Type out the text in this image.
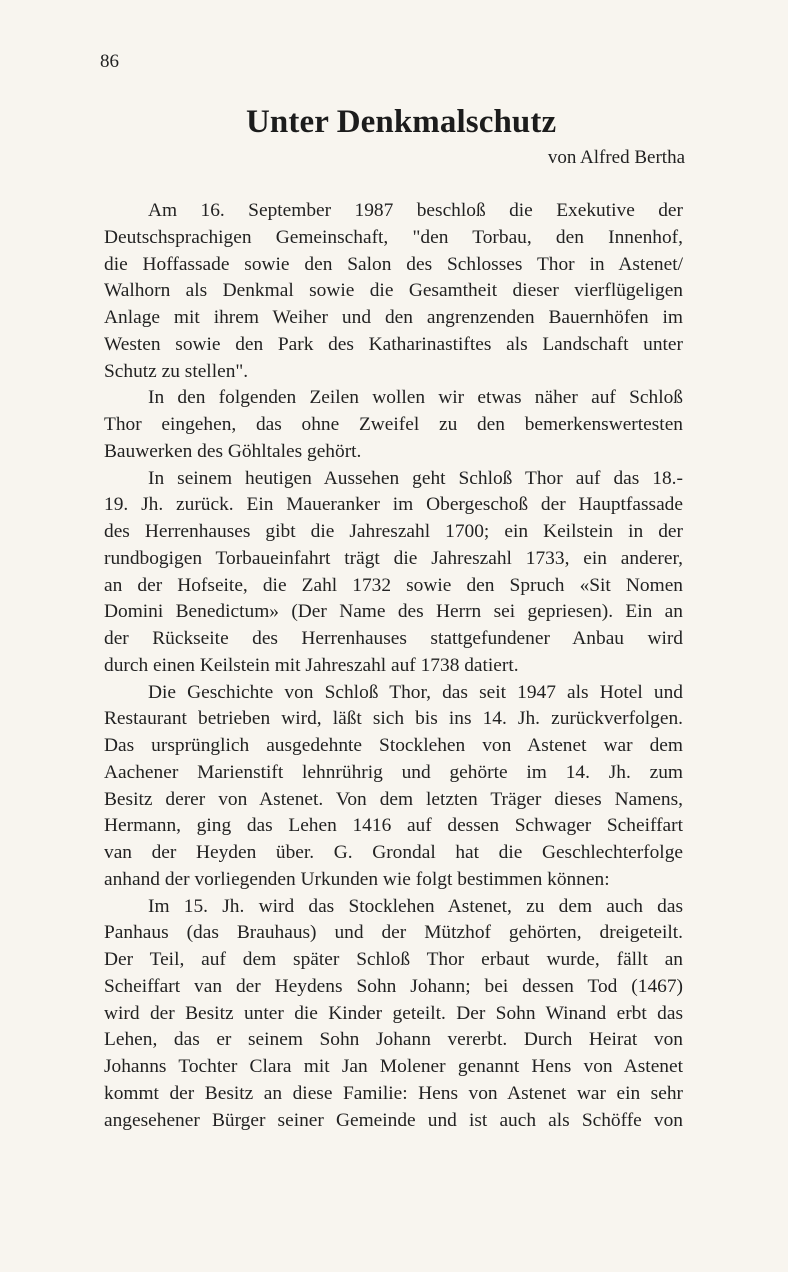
86
Unter Denkmalschutz
von Alfred Bertha
Am 16. September 1987 beschloß die Exekutive der
Deutschsprachigen Gemeinschaft, "den Torbau, den Innenhof,
die Hoffassade sowie den Salon des Schlosses Thor in Astenet/
Walhorn als Denkmal sowie die Gesamtheit dieser vierflügeligen
Anlage mit ihrem Weiher und den angrenzenden Bauernhöfen im
Westen sowie den Park des Katharinastiftes als Landschaft unter
Schutz zu stellen".
In den folgenden Zeilen wollen wir etwas näher auf Schloß
Thor eingehen, das ohne Zweifel zu den bemerkenswertesten
Bauwerken des Göhltales gehört.
In seinem heutigen Aussehen geht Schloß Thor auf das 18.-
19. Jh. zurück. Ein Maueranker im Obergeschoß der Hauptfassade
des Herrenhauses gibt die Jahreszahl 1700; ein Keilstein in der
rundbogigen Torbaueinfahrt trägt die Jahreszahl 1733, ein anderer,
an der Hofseite, die Zahl 1732 sowie den Spruch «Sit Nomen
Domini Benedictum» (Der Name des Herrn sei gepriesen). Ein an
der Rückseite des Herrenhauses stattgefundener Anbau wird
durch einen Keilstein mit Jahreszahl auf 1738 datiert.
Die Geschichte von Schloß Thor, das seit 1947 als Hotel und
Restaurant betrieben wird, läßt sich bis ins 14. Jh. zurückverfolgen.
Das ursprünglich ausgedehnte Stocklehen von Astenet war dem
Aachener Marienstift lehnrührig und gehörte im 14. Jh. zum
Besitz derer von Astenet. Von dem letzten Träger dieses Namens,
Hermann, ging das Lehen 1416 auf dessen Schwager Scheiffart
van der Heyden über. G. Grondal hat die Geschlechterfolge
anhand der vorliegenden Urkunden wie folgt bestimmen können:
Im 15. Jh. wird das Stocklehen Astenet, zu dem auch das
Panhaus (das Brauhaus) und der Mützhof gehörten, dreigeteilt.
Der Teil, auf dem später Schloß Thor erbaut wurde, fällt an
Scheiffart van der Heydens Sohn Johann; bei dessen Tod (1467)
wird der Besitz unter die Kinder geteilt. Der Sohn Winand erbt das
Lehen, das er seinem Sohn Johann vererbt. Durch Heirat von
Johanns Tochter Clara mit Jan Molener genannt Hens von Astenet
kommt der Besitz an diese Familie: Hens von Astenet war ein sehr
angesehener Bürger seiner Gemeinde und ist auch als Schöffe von
